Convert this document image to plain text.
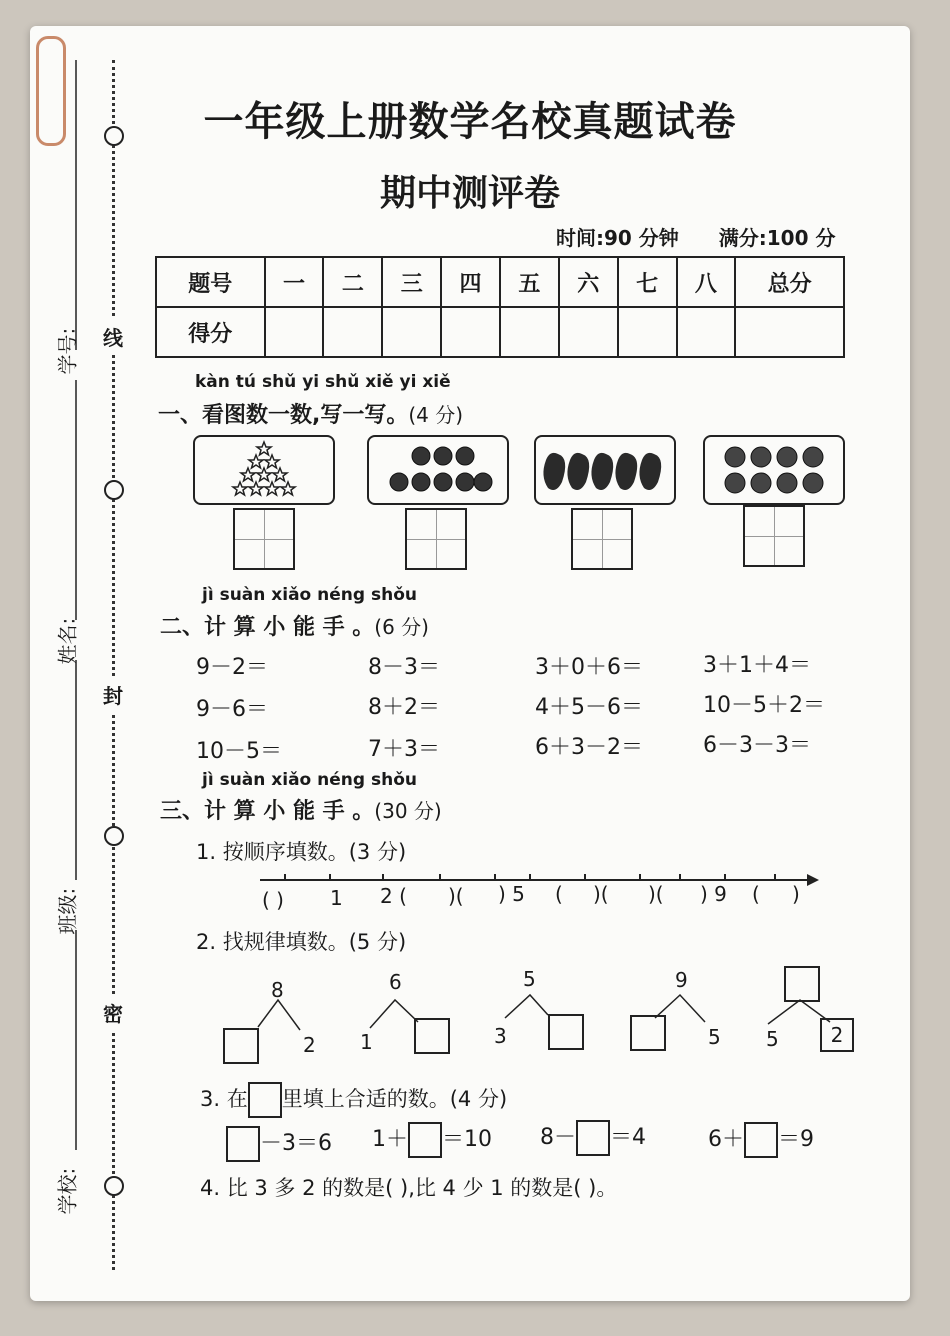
线
封
密
学号:
姓名:
班级:
学校:
一年级上册数学名校真题试卷
期中测评卷
时间:90 分钟 满分:100 分
题号	一	二	三	四	五	六	七	八	总分
得分									
kàn tú shǔ yi shǔ xiě yi xiě
一、看图数一数,写一写。(4 分)
jì suàn xiǎo néng shǒu
二、计 算 小 能 手 。(6 分)
9－2＝	8－3＝	3＋0＋6＝	3＋1＋4＝
9－6＝	8＋2＝	4＋5－6＝	10－5＋2＝
10－5＝	7＋3＝	6＋3－2＝	6－3－3＝
jì suàn xiǎo néng shǒu
三、计 算 小 能 手 。(30 分)
1. 按顺序填数。(3 分)
( ) 1 2 ( )( ) 5 ( )( )( ) 9 ( )
2. 找规律填数。(5 分)
8
2
6
1
5
3
9
5 5	2
3. 在 里填上合适的数。(4 分)
－3＝6 1＋ ＝10 8－ ＝4	6＋ ＝9
4. 比 3 多 2 的数是( ),比 4 少 1 的数是( )。
